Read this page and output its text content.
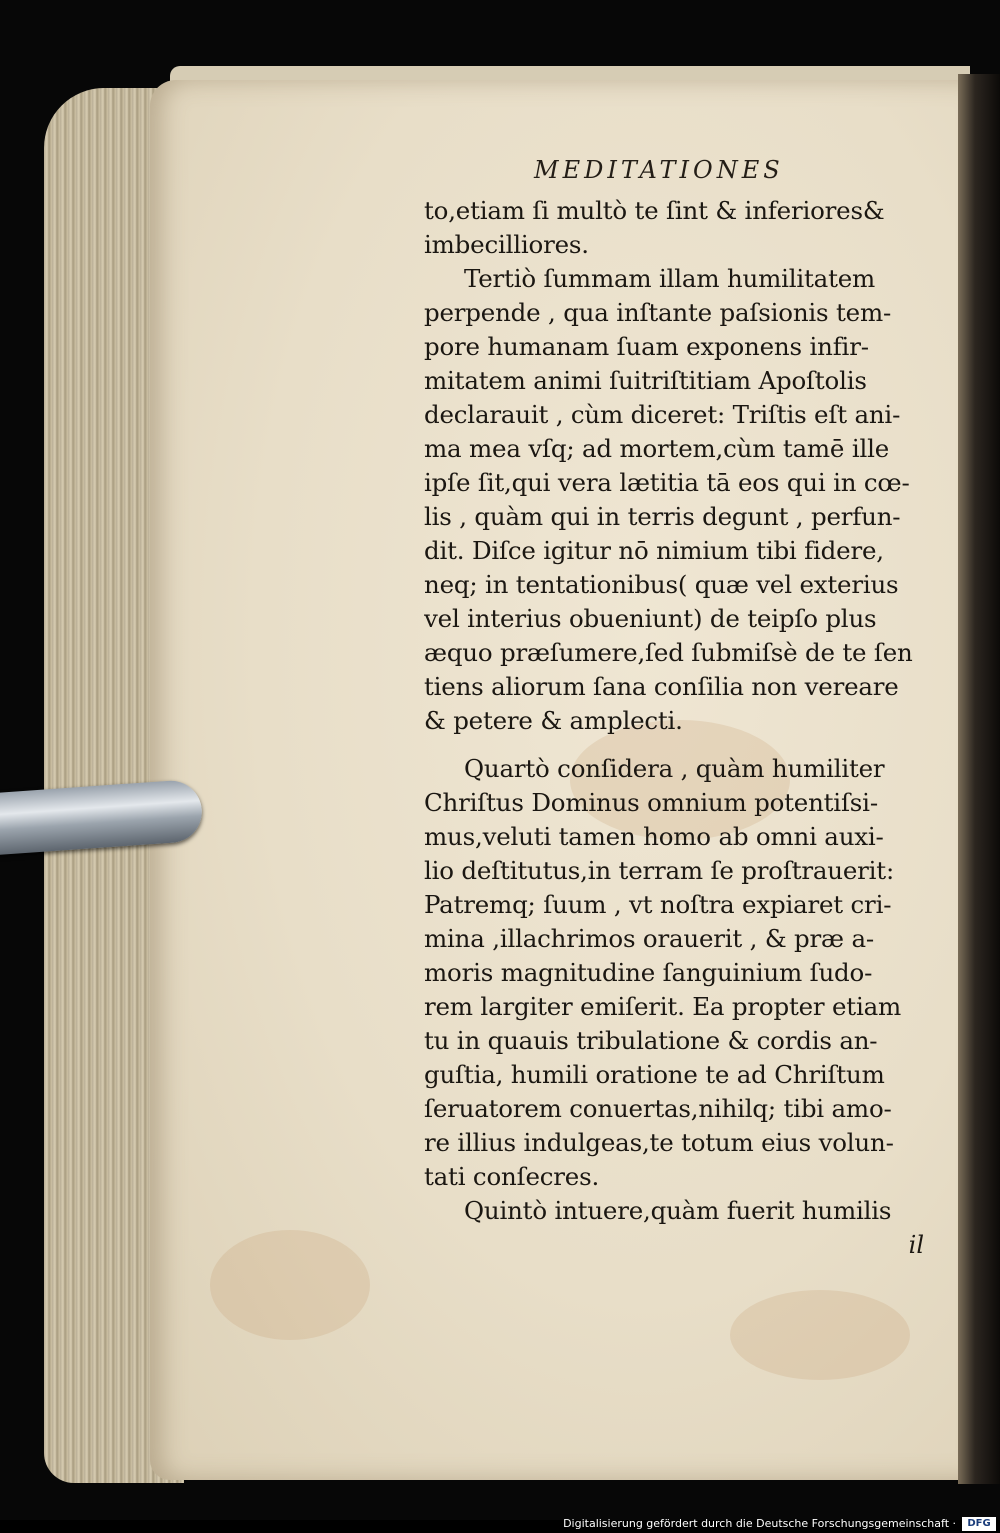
MEDITATIONES
to,etiam ſi multò te ſint & inferiores&
imbecilliores.
Tertiò ſummam illam humilitatem
perpende , qua inſtante paſsionis tem-
pore humanam ſuam exponens infir-
mitatem animi ſuitriſtitiam Apoſtolis
declarauit , cùm diceret: Triſtis eſt ani-
ma mea vſq; ad mortem,cùm tamē ille
ipſe ſit,qui vera lætitia tā eos qui in cœ-
lis , quàm qui in terris degunt , perfun-
dit. Diſce igitur nō nimium tibi fidere,
neq; in tentationibus( quæ vel exterius
vel interius obueniunt) de teipſo plus
æquo præſumere,ſed ſubmiſsè de te ſen
tiens aliorum ſana conſilia non vereare
& petere & amplecti.
Quartò conſidera , quàm humiliter
Chriſtus Dominus omnium potentiſsi-
mus,veluti tamen homo ab omni auxi-
lio deſtitutus,in terram ſe proſtrauerit:
Patremq; ſuum , vt noſtra expiaret cri-
mina ,illachrimos orauerit , & præ a-
moris magnitudine ſanguinium ſudo-
rem largiter emiſerit. Ea propter etiam
tu in quauis tribulatione & cordis an-
guſtia, humili oratione te ad Chriſtum
ſeruatorem conuertas,nihilq; tibi amo-
re illius indulgeas,te totum eius volun-
tati conſecres.
Quintò intuere,quàm fuerit humilis
il
Digitalisierung gefördert durch die Deutsche Forschungsgemeinschaft ·	DFG
